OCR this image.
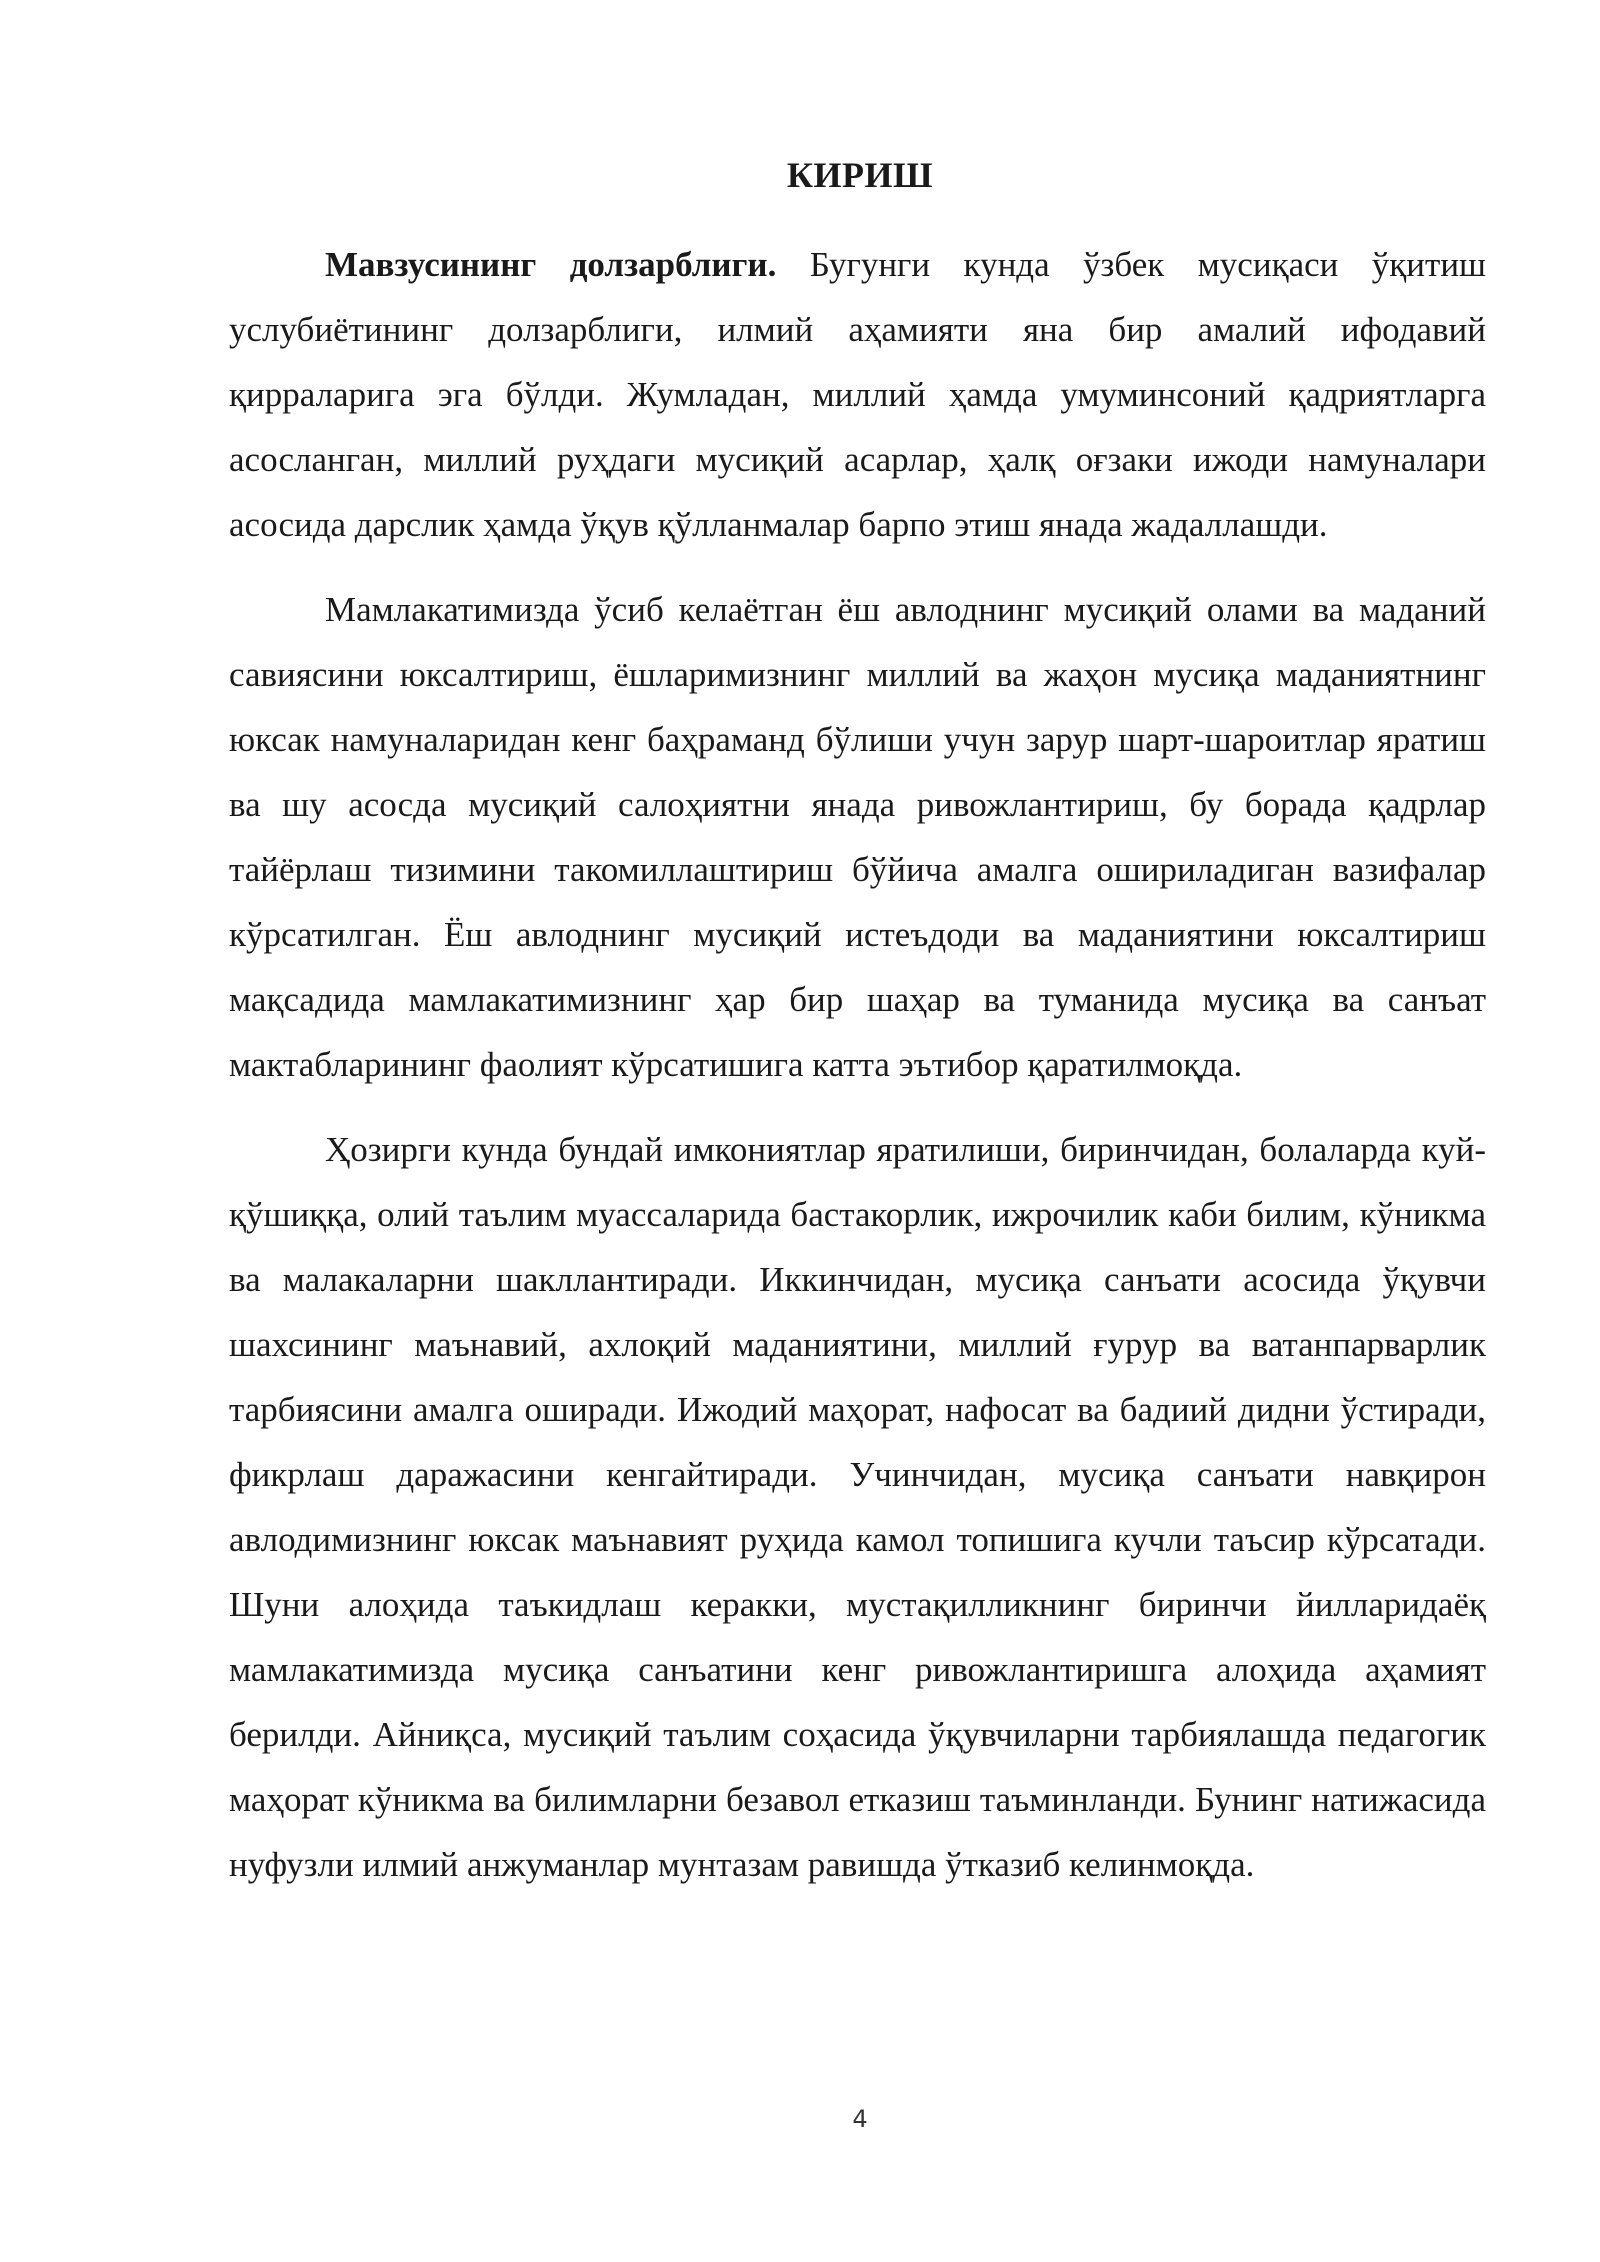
КИРИШ

Мавзусининг долзарблиги. Бугунги кунда ўзбек мусиқаси ўқитиш услубиётининг долзарблиги, илмий аҳамияти яна бир амалий ифодавий қирраларига эга бўлди. Жумладан, миллий ҳамда умуминсоний қадриятларга асосланган, миллий руҳдаги мусиқий асарлар, ҳалқ оғзаки ижоди намуналари асосида дарслик ҳамда ўқув қўлланмалар барпо этиш янада жадаллашди.

Мамлакатимизда ўсиб келаётган ёш авлоднинг мусиқий олами ва маданий савиясини юксалтириш, ёшларимизнинг миллий ва жаҳон мусиқа маданиятнинг юксак намуналаридан кенг баҳраманд бўлиши учун зарур шарт-шароитлар яратиш ва шу асосда мусиқий салоҳиятни янада ривожлантириш, бу борада қадрлар тайёрлаш тизимини такомиллаштириш бўйича амалга ошириладиган вазифалар кўрсатилган. Ёш авлоднинг мусиқий истеъдоди ва маданиятини юксалтириш мақсадида мамлакатимизнинг ҳар бир шаҳар ва туманида мусиқа ва санъат мактабларининг фаолият кўрсатишига катта эътибор қаратилмоқда.

Ҳозирги кунда бундай имкониятлар яратилиши, биринчидан, болаларда куй-қўшиққа, олий таълим муассаларида бастакорлик, ижрочилик каби билим, кўникма ва малакаларни шакллантиради. Иккинчидан, мусиқа санъати асосида ўқувчи шахсининг маънавий, ахлоқий маданиятини, миллий ғурур ва ватанпарварлик тарбиясини амалга оширади. Ижодий маҳорат, нафосат ва бадиий дидни ўстиради, фикрлаш даражасини кенгайтиради. Учинчидан, мусиқа санъати навқирон авлодимизнинг юксак маънавият руҳида камол топишига кучли таъсир кўрсатади. Шуни алоҳида таъкидлаш керакки, мустақилликнинг биринчи йилларидаёқ мамлакатимизда мусиқа санъатини кенг ривожлантиришга алоҳида аҳамият берилди. Айниқса, мусиқий таълим соҳасида ўқувчиларни тарбиялашда педагогик маҳорат кўникма ва билимларни безавол етказиш таъминланди. Бунинг натижасида нуфузли илмий анжуманлар мунтазам равишда ўтказиб келинмоқда.

4
